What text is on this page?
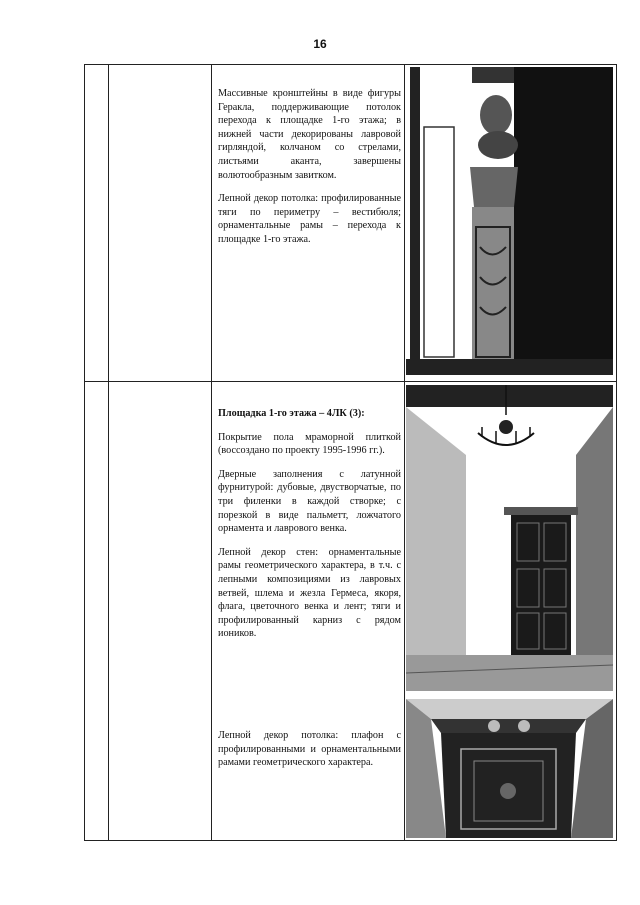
16

Массивные кронштейны в виде фигуры Геракла, поддерживающие потолок перехода к площадке 1-го этажа; в нижней части декорированы лавровой гирляндой, колчаном со стрелами, листьями аканта, завершены волютообразным завитком.

Лепной декор потолка: профилированные тяги по периметру – вестибюля; орнаментальные рамы – перехода к площадке 1-го этажа.

Площадка 1-го этажа – 4ЛК (3):

Покрытие пола мраморной плиткой (воссоздано по проекту 1995-1996 гг.).

Дверные заполнения с латунной фурнитурой: дубовые, двустворчатые, по три филенки в каждой створке; с порезкой в виде пальметт, ложчатого орнамента и лаврового венка.

Лепной декор стен: орнаментальные рамы геометрического характера, в т.ч. с лепными композициями из лавровых ветвей, шлема и жезла Гермеса, якоря, флага, цветочного венка и лент; тяги и профилированный карниз с рядом иоников.

Лепной декор потолка: плафон с профилированными и орнаментальными рамами геометрического характера.
